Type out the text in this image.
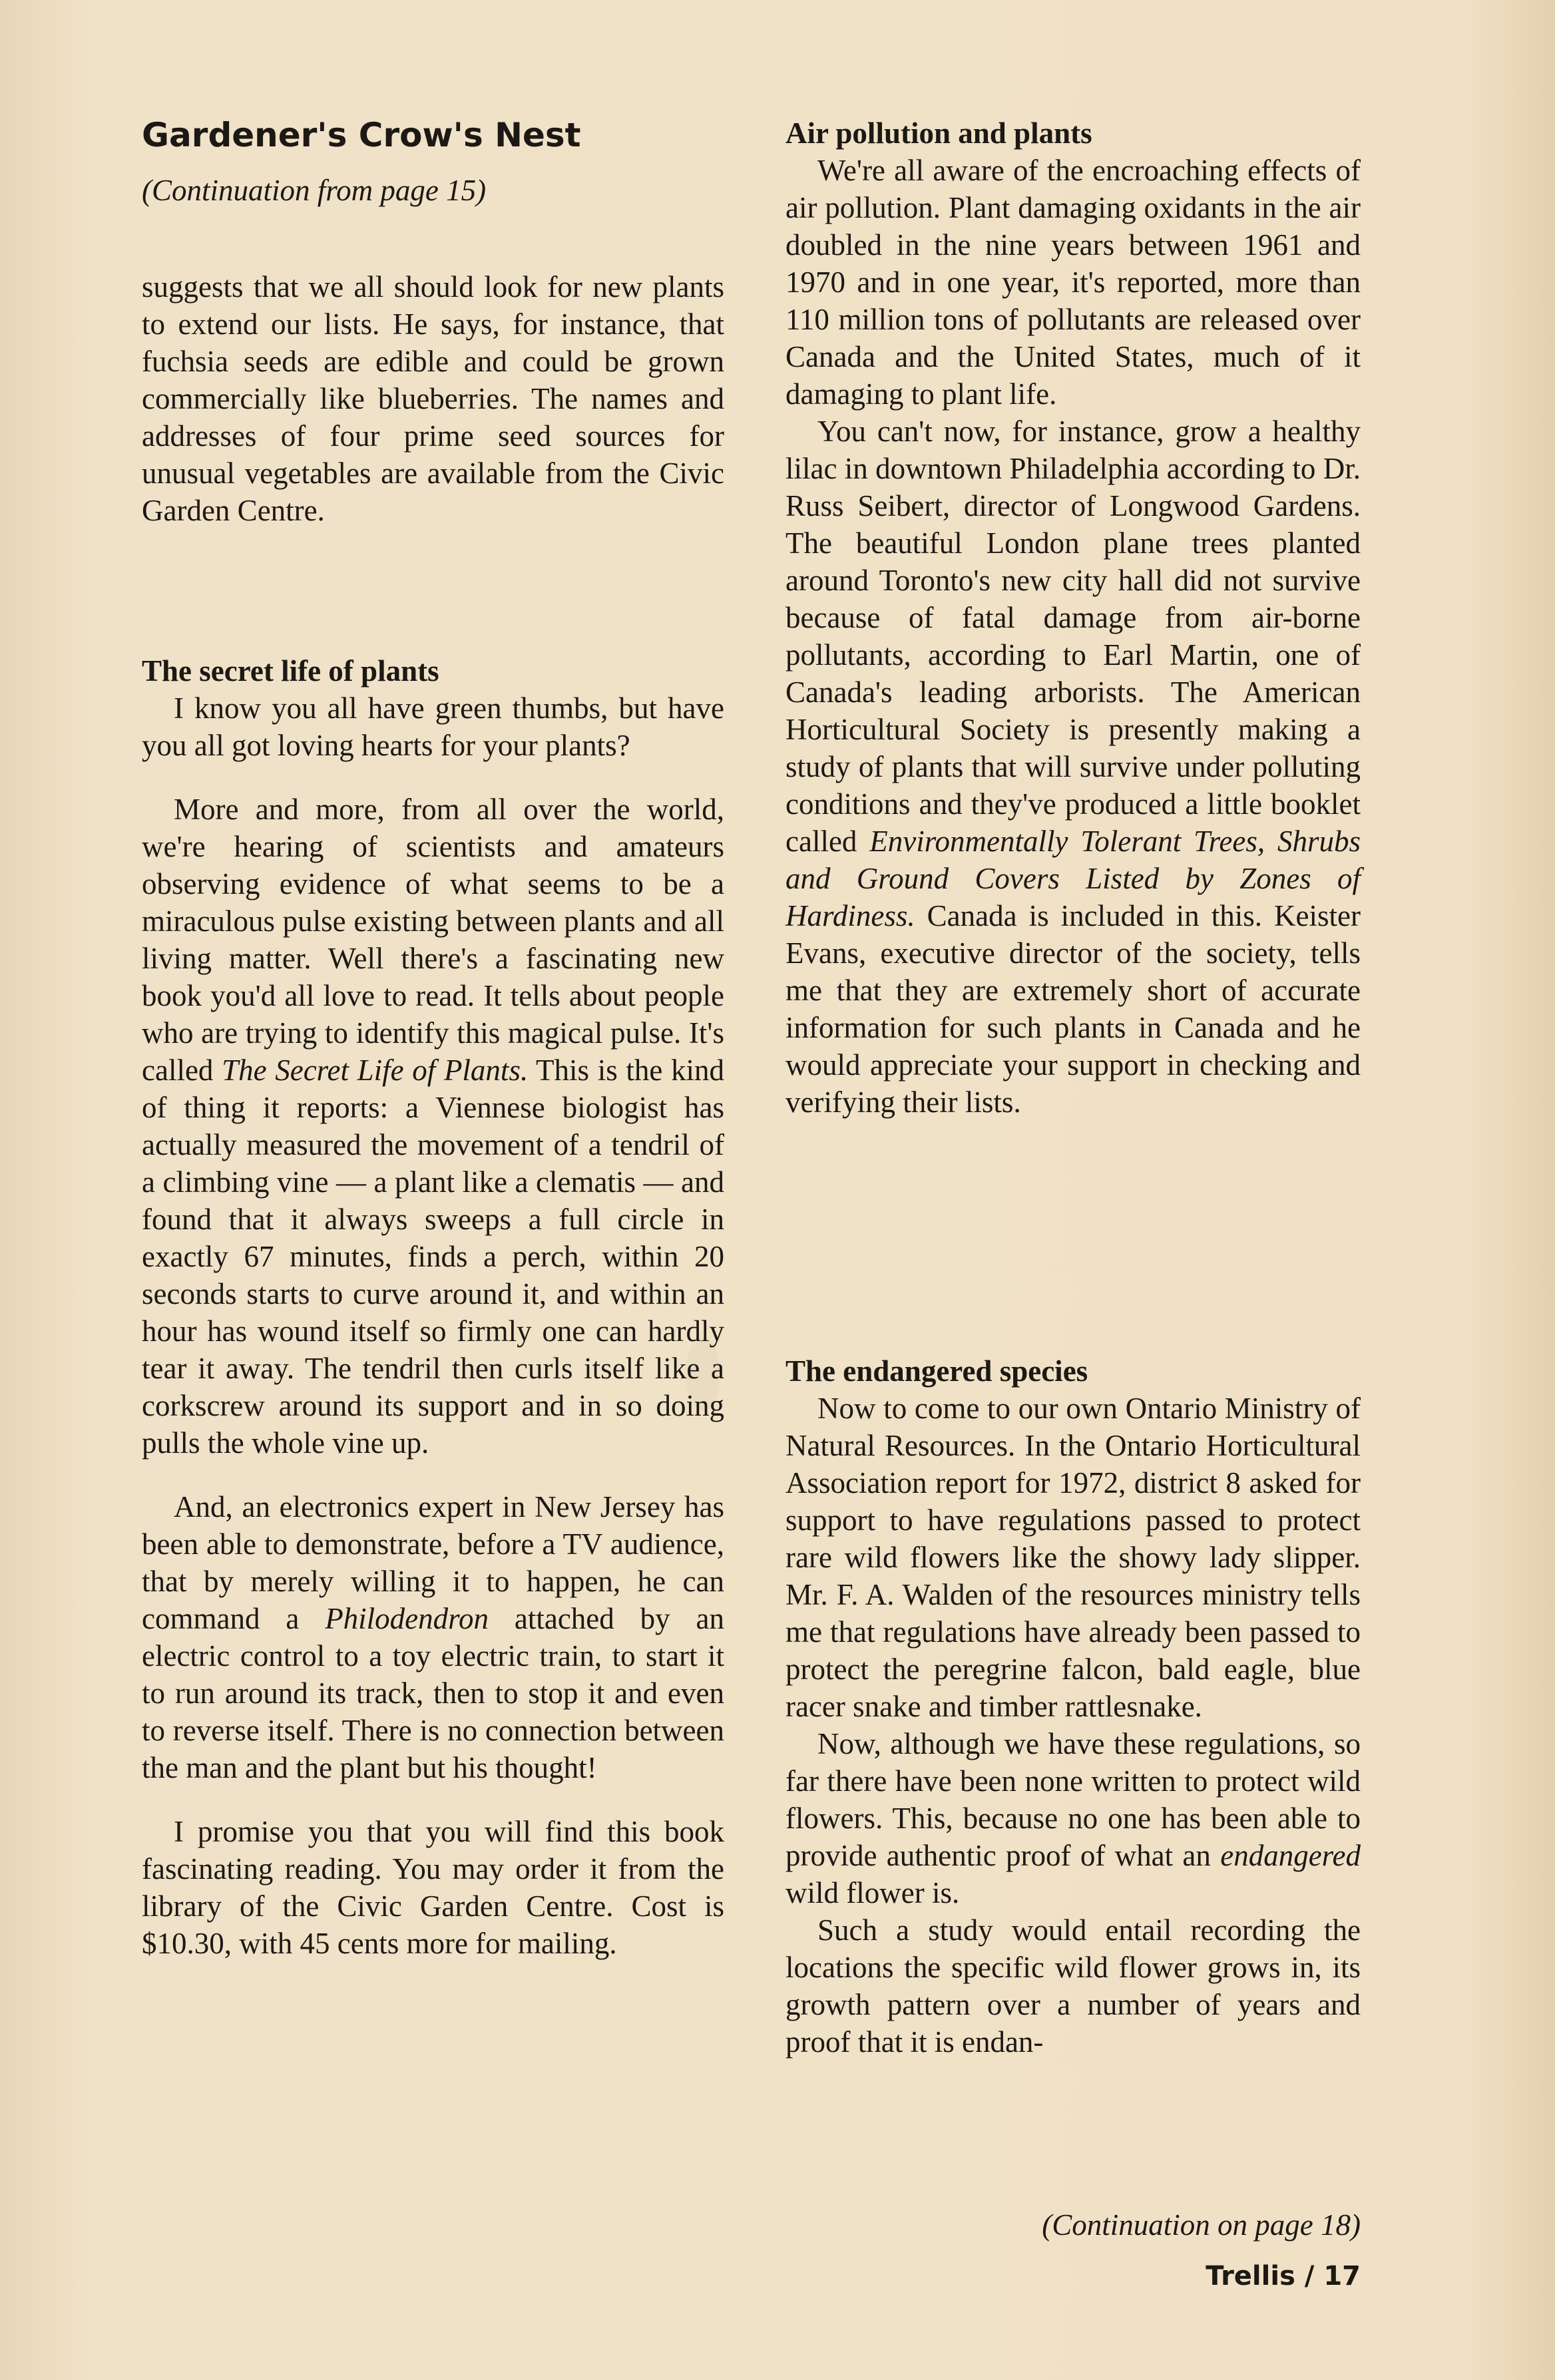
Gardener's Crow's Nest

(Continuation from page 15)

suggests that we all should look for new plants to extend our lists. He says, for instance, that fuchsia seeds are edible and could be grown commercially like blueberries. The names and addresses of four prime seed sources for unusual vegetables are available from the Civic Garden Centre.

The secret life of plants

I know you all have green thumbs, but have you all got loving hearts for your plants?

More and more, from all over the world, we're hearing of scientists and amateurs observing evidence of what seems to be a miraculous pulse existing between plants and all living matter. Well there's a fascinating new book you'd all love to read. It tells about people who are trying to identify this magical pulse. It's called The Secret Life of Plants. This is the kind of thing it reports: a Viennese biologist has actually measured the movement of a tendril of a climbing vine — a plant like a clematis — and found that it always sweeps a full circle in exactly 67 minutes, finds a perch, within 20 seconds starts to curve around it, and within an hour has wound itself so firmly one can hardly tear it away. The tendril then curls itself like a corkscrew around its support and in so doing pulls the whole vine up.

And, an electronics expert in New Jersey has been able to demonstrate, before a TV audience, that by merely willing it to happen, he can command a Philodendron attached by an electric control to a toy electric train, to start it to run around its track, then to stop it and even to reverse itself. There is no connection between the man and the plant but his thought!

I promise you that you will find this book fascinating reading. You may order it from the library of the Civic Garden Centre. Cost is $10.30, with 45 cents more for mailing.

Air pollution and plants

We're all aware of the encroaching effects of air pollution. Plant damaging oxidants in the air doubled in the nine years between 1961 and 1970 and in one year, it's reported, more than 110 million tons of pollutants are released over Canada and the United States, much of it damaging to plant life.

You can't now, for instance, grow a healthy lilac in downtown Philadelphia according to Dr. Russ Seibert, director of Longwood Gardens. The beautiful London plane trees planted around Toronto's new city hall did not survive because of fatal damage from air-borne pollutants, according to Earl Martin, one of Canada's leading arborists. The American Horticultural Society is presently making a study of plants that will survive under polluting conditions and they've produced a little booklet called Environmentally Tolerant Trees, Shrubs and Ground Covers Listed by Zones of Hardiness. Canada is included in this. Keister Evans, executive director of the society, tells me that they are extremely short of accurate information for such plants in Canada and he would appreciate your support in checking and verifying their lists.

The endangered species

Now to come to our own Ontario Ministry of Natural Resources. In the Ontario Horticultural Association report for 1972, district 8 asked for support to have regulations passed to protect rare wild flowers like the showy lady slipper. Mr. F. A. Walden of the resources ministry tells me that regulations have already been passed to protect the peregrine falcon, bald eagle, blue racer snake and timber rattlesnake.

Now, although we have these regulations, so far there have been none written to protect wild flowers. This, because no one has been able to provide authentic proof of what an endangered wild flower is.

Such a study would entail recording the locations the specific wild flower grows in, its growth pattern over a number of years and proof that it is endan-

(Continuation on page 18)

Trellis / 17
